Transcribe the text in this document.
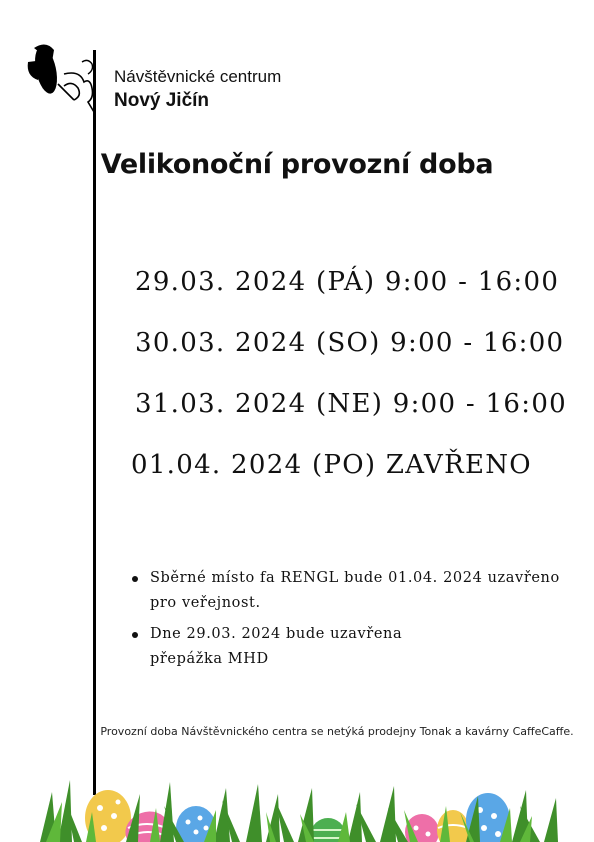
Návštěvnické centrum
Nový Jičín
Velikonoční provozní doba
29.03. 2024 (PÁ) 9:00 - 16:00
30.03. 2024 (SO) 9:00 - 16:00
31.03. 2024 (NE) 9:00 - 16:00
01.04. 2024 (PO) ZAVŘENO
Sběrné místo fa RENGL bude 01.04. 2024 uzavřeno
pro veřejnost.
Dne 29.03. 2024 bude uzavřena
přepážka MHD
Provozní doba Návštěvnického centra se netýká prodejny Tonak a kavárny CaffeCaffe.
